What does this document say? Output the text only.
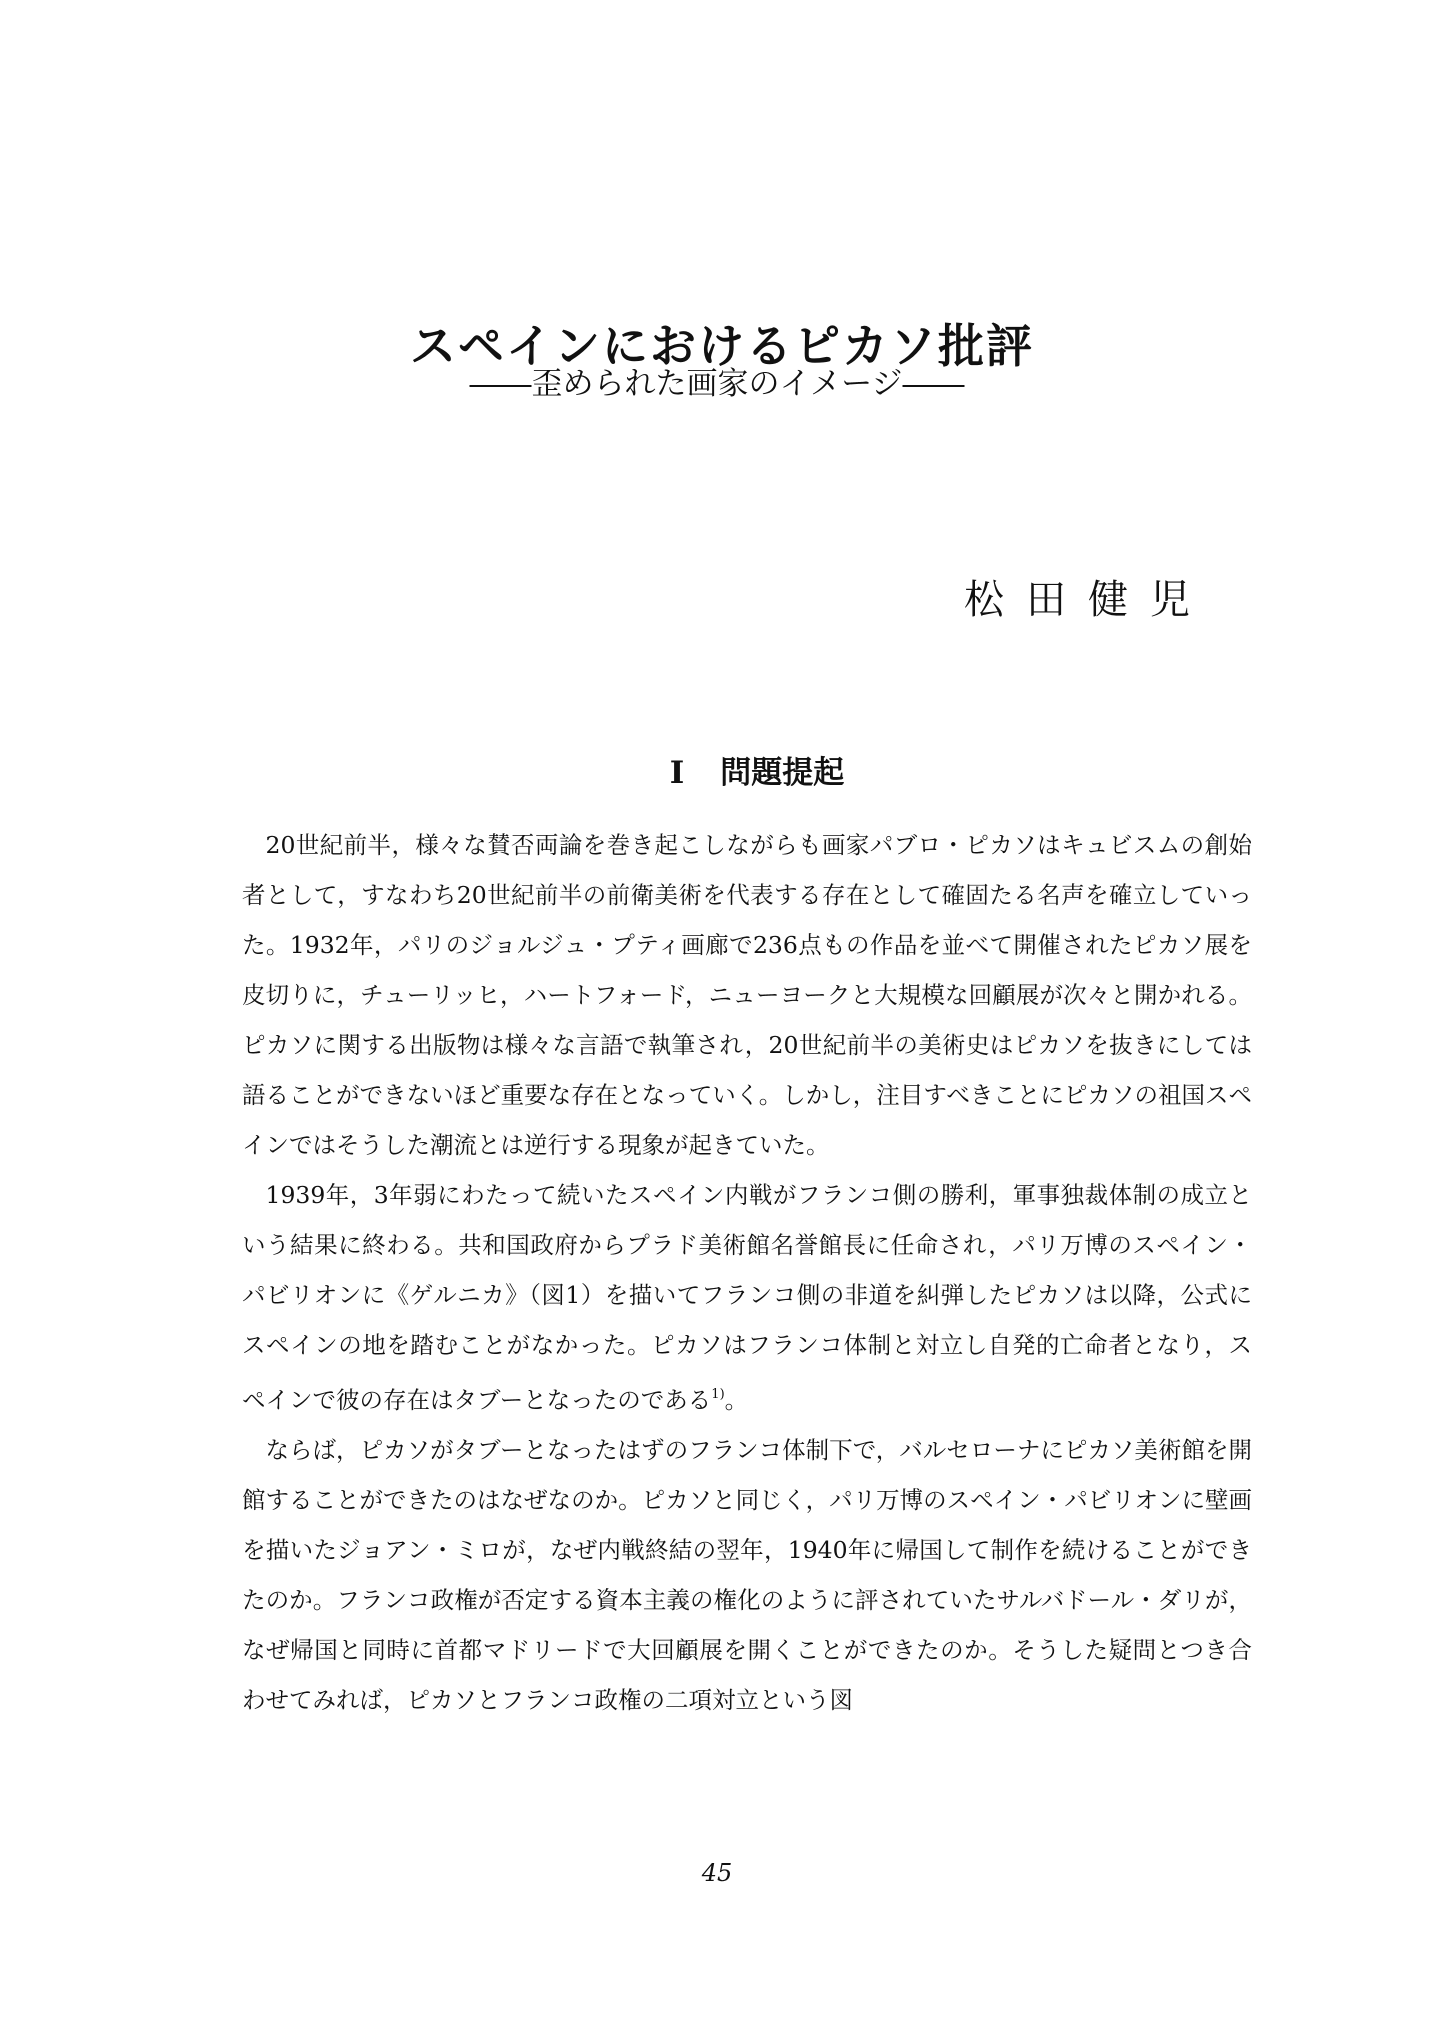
スペインにおけるピカソ批評
――歪められた画家のイメージ――
松田健児
Ⅰ 問題提起

20世紀前半，様々な賛否両論を巻き起こしながらも画家パブロ・ピカソはキュビスムの創始者として，すなわち20世紀前半の前衛美術を代表する存在として確固たる名声を確立していった。1932年，パリのジョルジュ・プティ画廊で236点もの作品を並べて開催されたピカソ展を皮切りに，チューリッヒ，ハートフォード，ニューヨークと大規模な回顧展が次々と開かれる。ピカソに関する出版物は様々な言語で執筆され，20世紀前半の美術史はピカソを抜きにしては語ることができないほど重要な存在となっていく。しかし，注目すべきことにピカソの祖国スペインではそうした潮流とは逆行する現象が起きていた。

1939年，3年弱にわたって続いたスペイン内戦がフランコ側の勝利，軍事独裁体制の成立という結果に終わる。共和国政府からプラド美術館名誉館長に任命され，パリ万博のスペイン・パビリオンに《ゲルニカ》（図1）を描いてフランコ側の非道を糾弾したピカソは以降，公式にスペインの地を踏むことがなかった。ピカソはフランコ体制と対立し自発的亡命者となり，スペインで彼の存在はタブーとなったのである$^{1)}$。

ならば，ピカソがタブーとなったはずのフランコ体制下で，バルセローナにピカソ美術館を開館することができたのはなぜなのか。ピカソと同じく，パリ万博のスペイン・パビリオンに壁画を描いたジョアン・ミロが，なぜ内戦終結の翌年，1940年に帰国して制作を続けることができたのか。フランコ政権が否定する資本主義の権化のように評されていたサルバドール・ダリが，なぜ帰国と同時に首都マドリードで大回顧展を開くことができたのか。そうした疑問とつき合わせてみれば，ピカソとフランコ政権の二項対立という図

45
